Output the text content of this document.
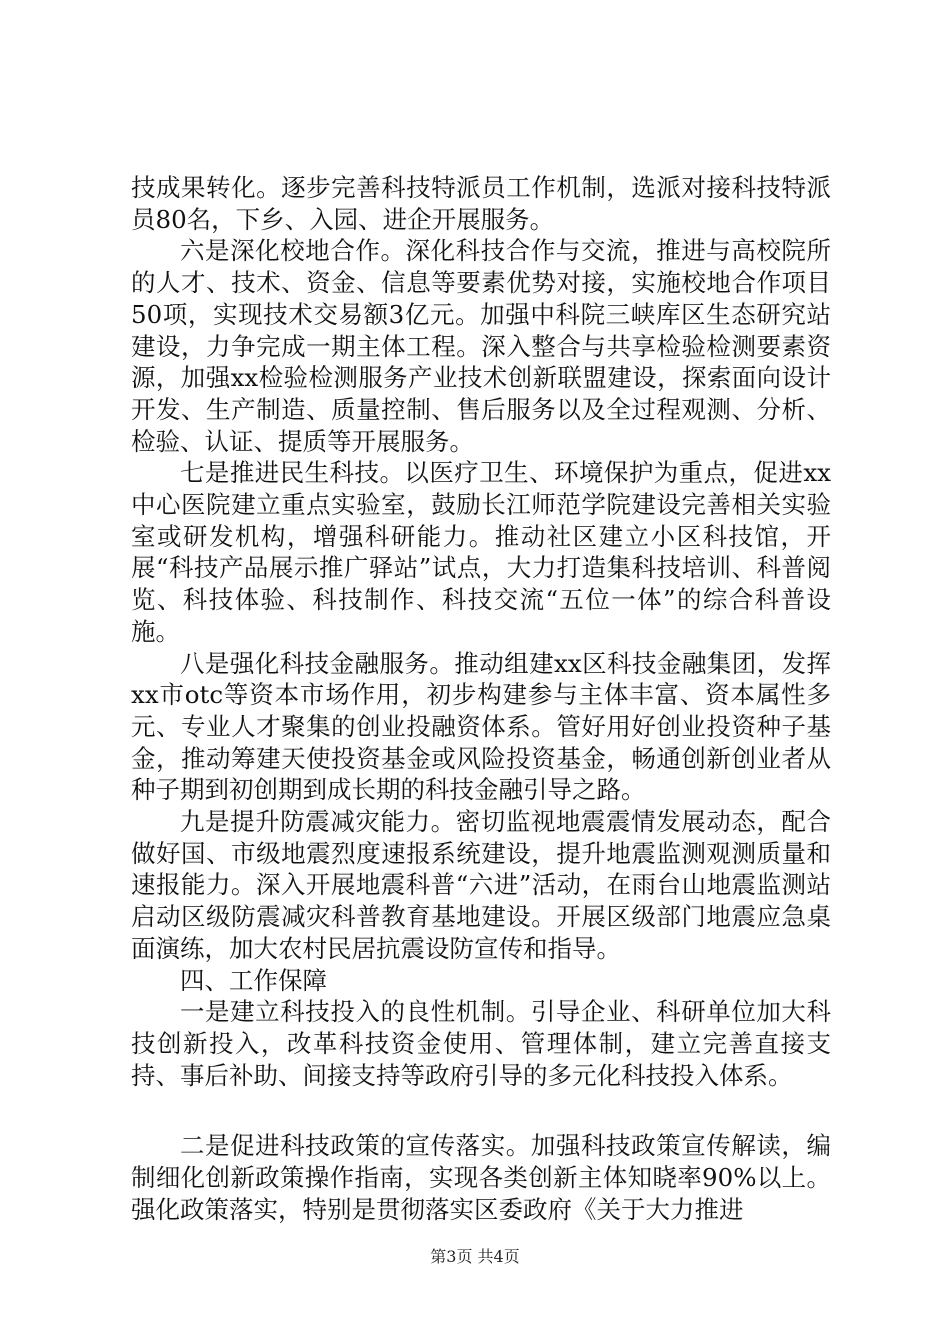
技成果转化。逐步完善科技特派员工作机制，选派对接科技特派员80名，下乡、入园、进企开展服务。

六是深化校地合作。深化科技合作与交流，推进与高校院所的人才、技术、资金、信息等要素优势对接，实施校地合作项目50项，实现技术交易额3亿元。加强中科院三峡库区生态研究站建设，力争完成一期主体工程。深入整合与共享检验检测要素资源，加强xx检验检测服务产业技术创新联盟建设，探索面向设计开发、生产制造、质量控制、售后服务以及全过程观测、分析、检验、认证、提质等开展服务。

七是推进民生科技。以医疗卫生、环境保护为重点，促进xx中心医院建立重点实验室，鼓励长江师范学院建设完善相关实验室或研发机构，增强科研能力。推动社区建立小区科技馆，开展“科技产品展示推广驿站”试点，大力打造集科技培训、科普阅览、科技体验、科技制作、科技交流“五位一体”的综合科普设施。

八是强化科技金融服务。推动组建xx区科技金融集团，发挥xx市otc等资本市场作用，初步构建参与主体丰富、资本属性多元、专业人才聚集的创业投融资体系。管好用好创业投资种子基金，推动筹建天使投资基金或风险投资基金，畅通创新创业者从种子期到初创期到成长期的科技金融引导之路。

九是提升防震减灾能力。密切监视地震震情发展动态，配合做好国、市级地震烈度速报系统建设，提升地震监测观测质量和速报能力。深入开展地震科普“六进”活动，在雨台山地震监测站启动区级防震减灾科普教育基地建设。开展区级部门地震应急桌面演练，加大农村民居抗震设防宣传和指导。

四、工作保障

一是建立科技投入的良性机制。引导企业、科研单位加大科技创新投入，改革科技资金使用、管理体制，建立完善直接支持、事后补助、间接支持等政府引导的多元化科技投入体系。

二是促进科技政策的宣传落实。加强科技政策宣传解读，编制细化创新政策操作指南，实现各类创新主体知晓率90%以上。强化政策落实，特别是贯彻落实区委政府《关于大力推进

第3页 共4页
